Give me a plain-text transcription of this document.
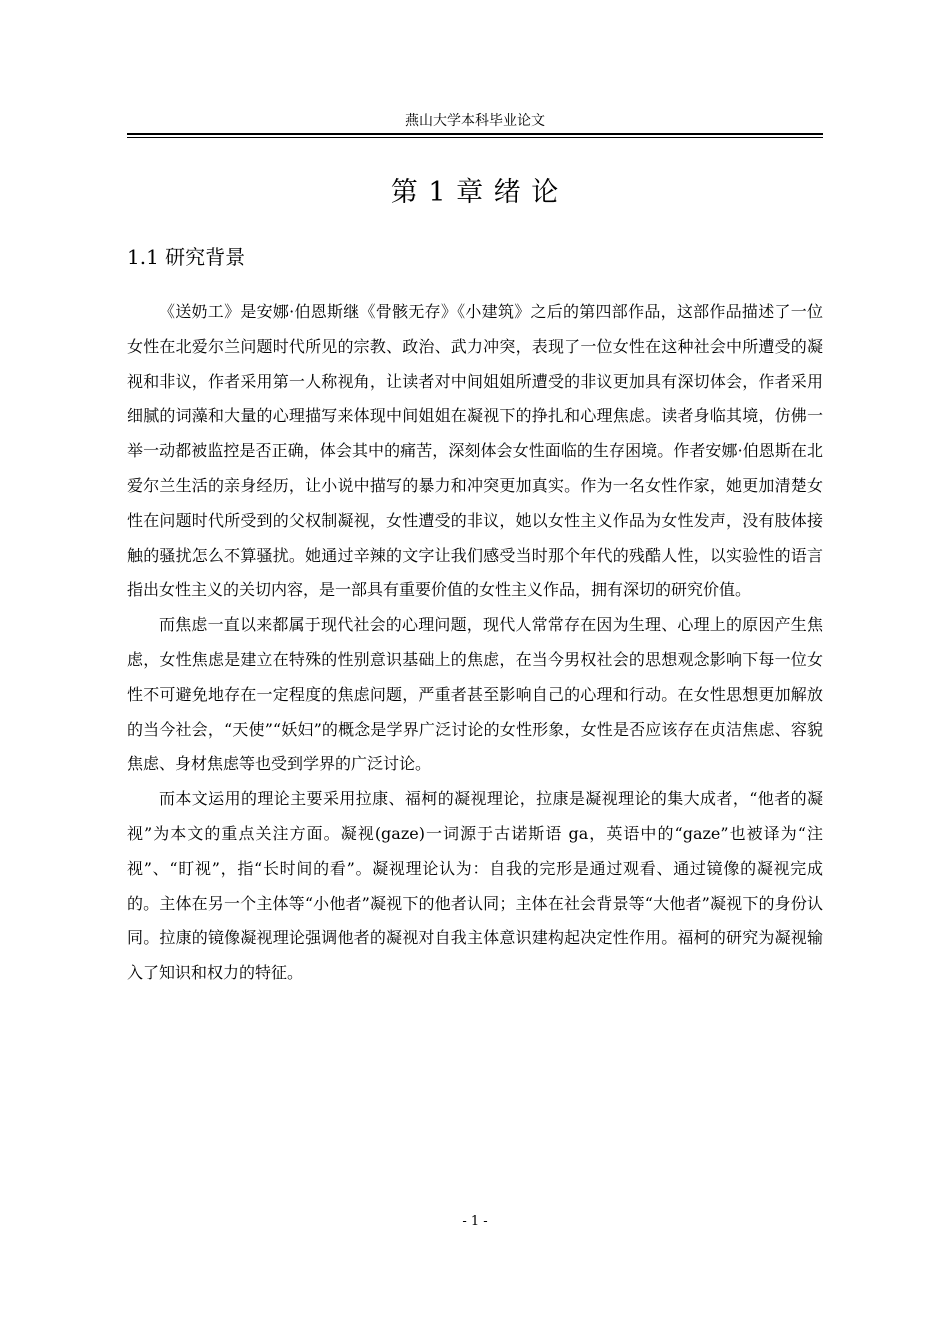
燕山大学本科毕业论文
第 1 章 绪 论
1.1 研究背景

《送奶工》是安娜·伯恩斯继《骨骸无存》《小建筑》之后的第四部作品，这部作品描述了一位女性在北爱尔兰问题时代所见的宗教、政治、武力冲突，表现了一位女性在这种社会中所遭受的凝视和非议，作者采用第一人称视角，让读者对中间姐姐所遭受的非议更加具有深切体会，作者采用细腻的词藻和大量的心理描写来体现中间姐姐在凝视下的挣扎和心理焦虑。读者身临其境，仿佛一举一动都被监控是否正确，体会其中的痛苦，深刻体会女性面临的生存困境。作者安娜·伯恩斯在北爱尔兰生活的亲身经历，让小说中描写的暴力和冲突更加真实。作为一名女性作家，她更加清楚女性在问题时代所受到的父权制凝视，女性遭受的非议，她以女性主义作品为女性发声，没有肢体接触的骚扰怎么不算骚扰。她通过辛辣的文字让我们感受当时那个年代的残酷人性，以实验性的语言指出女性主义的关切内容，是一部具有重要价值的女性主义作品，拥有深切的研究价值。

而焦虑一直以来都属于现代社会的心理问题，现代人常常存在因为生理、心理上的原因产生焦虑，女性焦虑是建立在特殊的性别意识基础上的焦虑，在当今男权社会的思想观念影响下每一位女性不可避免地存在一定程度的焦虑问题，严重者甚至影响自己的心理和行动。在女性思想更加解放的当今社会，“天使”“妖妇”的概念是学界广泛讨论的女性形象，女性是否应该存在贞洁焦虑、容貌焦虑、身材焦虑等也受到学界的广泛讨论。

而本文运用的理论主要采用拉康、福柯的凝视理论，拉康是凝视理论的集大成者，“他者的凝视”为本文的重点关注方面。凝视(gaze)一词源于古诺斯语 ga，英语中的“gaze”也被译为“注视”、“盯视”，指“长时间的看”。凝视理论认为：自我的完形是通过观看、通过镜像的凝视完成的。主体在另一个主体等“小他者”凝视下的他者认同；主体在社会背景等“大他者”凝视下的身份认同。拉康的镜像凝视理论强调他者的凝视对自我主体意识建构起决定性作用。福柯的研究为凝视输入了知识和权力的特征。

- 1 -
